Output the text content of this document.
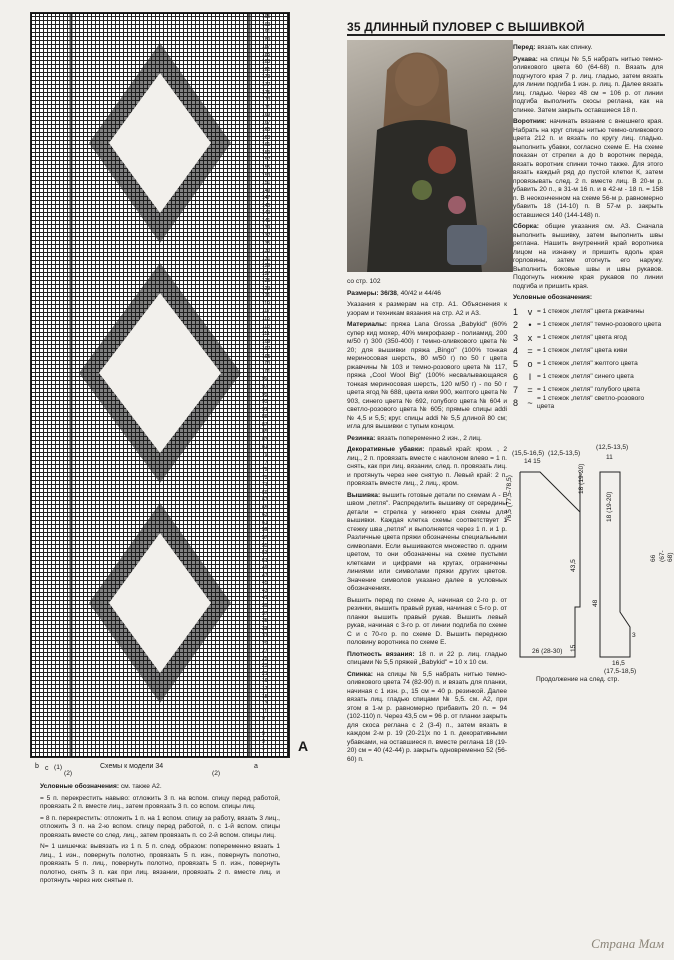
195
193
191
189
187
185
183
181
179
177
175
173
171
169
167
165
163
161
159
157
155
153
151
149
147
145
143
141
139
137
135
133
131
129
127
125
123
121
119
117
115
113
111
109
107
105
103
101
99
97
95
93
91
89
87
85
83
81
79
77
75
73
71
69
67
65
63
61
59
57
55
53
51
49
47
45
43
41
39
37
35
33
31
29
27
25
23
21
19
17
15
13
11
9
7
5
3
1 A
b c (1)
(2)	(2)
a
Схемы к модели 34
Условные обозначения: см. также А2.
= 5 п. перекрестить навыво: отложить 3 п. на вспом. спицу перед работой, провязать 2 п. вместе лиц., затем провязать 3 п. со вспом. спицы лиц.
= 8 п. перекрестить: отложить 1 п. на 1 вспом. спицу за работу, вязать 3 лиц., отложить 3 п. на 2-ю вспом. спицу перед работой, п. с 1-й вспом. спицы провязать вместе со след. лиц., затем провязать п. со 2-й вспом. спицы лиц.
N= 1 шишечка: вывязать из 1 п. 5 п. след. образом: попеременно вязать 1 лиц., 1 изн., повернуть полотно, провязать 5 п. изн., повернуть полотно, провязать 5 п. лиц., повернуть полотно, провязать 5 п. изн., повернуть полотно, снять 3 п. как при лиц. вязании, провязать 2 п. вместе лиц. и протянуть через них снятые п.
35 ДЛИННЫЙ ПУЛОВЕР С ВЫШИВКОЙ
со стр. 102
Размеры: 36/38, 40/42 и 44/46
Указания к размерам на стр. А1. Объяснения к узорам и техникам вязания на стр. А2 и А3.
Материалы: пряжа Lana Grossa „Babykid" (60% супер кид мохер, 40% микрофазер - полиамид, 200 м/50 г) 300 (350-400) г темно-оливкового цвета № 20; для вышивки пряжа „Bingo" (100% тонкая мериносовая шерсть, 80 м/50 г) по 50 г цвета ржавчины № 103 и темно-розового цвета № 117, пряжа „Cool Wool Big" (100% несвалывающаяся тонкая мериносовая шерсть, 120 м/50 г) - по 50 г цвета ягод № 688, цвета киви 900, желтого цвета № 903, синего цвета № 692, голубого цвета № 604 и светло-розового цвета № 605; прямые спицы addi № 4,5 и 5,5; круг. спицы addi № 5,5 длиной 80 см; игла для вышивки с тупым концом.
Резинка: вязать попеременно 2 изн., 2 лиц.
Декоративные убавки: правый край: кром. , 2 лиц., 2 п. провязать вместе с наклоном влево = 1 п. снять, как при лиц. вязании, след. п. провязать лиц. и протянуть через нее снятую п. Левый край: 2 п. провязать вместе лиц., 2 лиц., кром.
Вышивка: вышить готовые детали по схемам А - Е швом „петля". Распределить вышивку от середины детали = стрелка у нижнего края схемы для вышивки. Каждая клетка схемы соответствует 1 стежку шва „петля" и выполняется через 1 п. и 1 р. Различные цвета пряжи обозначены специальными символами. Если вышиваются множество п. одним цветом, то они обозначены на схеме пустыми клетками и цифрами на кругах, ограничены линиями или символами пряжи других цветов. Значение символов указано далее в условных обозначениях.
Вышить перед по схеме А, начиная со 2-го р. от резинки, вышить правый рукав, начиная с 5-го р. от планки вышить правый рукав. Вышить левый рукав, начиная с 3-го р. от линии подгиба по схеме С и с 70-го р. по схеме D. Вышить переднюю половину воротника по схеме Е.
Плотность вязания: 18 п. и 22 р. лиц. гладью спицами № 5,5 пряжей „Babykid" = 10 х 10 см.
Спинка: на спицы № 5,5 набрать нитью темно-оливкового цвета 74 (82-90) п. и вязать для планки, начиная с 1 изн. р., 15 см = 40 р. резинкой. Далее вязать лиц. гладью спицами № 5,5. см. А2, при этом в 1-м р. равномерно прибавить 20 п. = 94 (102-110) п. Через 43,5 см = 96 р. от планки закрыть для скоса реглана с 2 (3-4) п., затем вязать в каждом 2-м р. 19 (20-21)х по 1 п. декоративными убавками, на оставшиеся п. вместе реглана 18 (19-20) см = 40 (42-44) р. закрыть одновременно 52 (56-60) п.
Перед: вязать как спинку.
Рукава: на спицы № 5,5 набрать нитью темно-оливкового цвета 60 (64-68) п. Вязать для подгнутого края 7 р. лиц. гладью, затем вязать для линии подгиба 1 изн. р. лиц. п. Далее вязать лиц. гладью. Через 48 см = 106 р. от линии подгиба выполнить скосы реглана, как на спинке. Затем закрыть оставшиеся 18 п.
Воротник: начинать вязание с внешнего края. Набрать на круг спицы нитью темно-оливкового цвета 212 п. и вязать по кругу лиц. гладью. выполнить убавки, согласно схеме Е. На схеме показан от стрелки а до b воротник переда, вязать воротник спинки точно также. Для этого вязать каждый ряд до пустой клетки К, затем провязывать след. 2 п. вместе лиц. В 20-м р. убавить 20 п., в 31-м 16 п. и в 42-м - 18 п. = 158 п. В неоконченном на схеме 56-м р. равномерно убавить 18 (14-10) п. В 57-м р. закрыть оставшиеся 140 (144-148) п.
Сборка: общие указания см. А3. Сначала выполнить вышивку, затем выполнить швы реглана. Нашить внутренний край воротника лицом на изнанку и пришить вдоль края горловины, затем отогнуть его наружу. Выполнить боковые швы и швы рукавов. Подогнуть нижние края рукавов по линии подгиба и пришить края.
Условные обозначения:
1	v = 1 стежок „петля" цвета ржавчины
2	• = 1 стежок „петля" темно-розового цвета
3	x = 1 стежок „петля" цвета ягод
4	= = 1 стежок „петля" цвета киви
5	o = 1 стежок „петля" желтого цвета
6	I = 1 стежок „петля" синего цвета
7	= = 1 стежок „петля" голубого цвета
8	~ = 1 стежок „петля" светло-розового цвета
(15,5-16,5) (12,5-13,5)
14 15
(12,5-13,5)
11
76,5 (77,5-78,5)	18 (19-20)
43,5
15
48
66 (67-68)
18 (19-20)
26 (28-30)
16,5
(17,5-18,5)
3
Продолжение на след. стр.
Страна Мам
